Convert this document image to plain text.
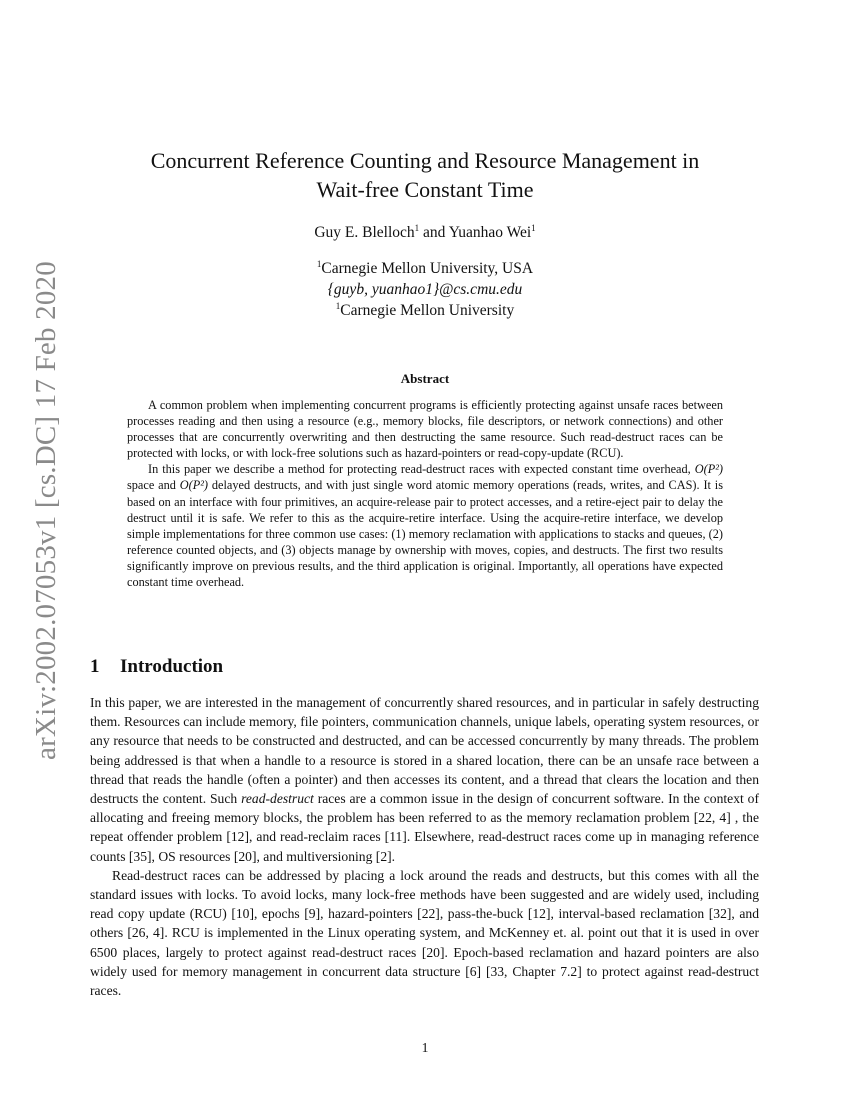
arXiv:2002.07053v1 [cs.DC] 17 Feb 2020
Concurrent Reference Counting and Resource Management in
Wait-free Constant Time
Guy E. Blelloch$^1$ and Yuanhao Wei$^1$
$^1$Carnegie Mellon University, USA
{guyb, yuanhao1}@cs.cmu.edu
$^1$Carnegie Mellon University
Abstract

A common problem when implementing concurrent programs is efficiently protecting against unsafe races between processes reading and then using a resource (e.g., memory blocks, file descriptors, or network connections) and other processes that are concurrently overwriting and then destructing the same resource. Such read-destruct races can be protected with locks, or with lock-free solutions such as hazard-pointers or read-copy-update (RCU).

In this paper we describe a method for protecting read-destruct races with expected constant time overhead, O(P²) space and O(P²) delayed destructs, and with just single word atomic memory operations (reads, writes, and CAS). It is based on an interface with four primitives, an acquire-release pair to protect accesses, and a retire-eject pair to delay the destruct until it is safe. We refer to this as the acquire-retire interface. Using the acquire-retire interface, we develop simple implementations for three common use cases: (1) memory reclamation with applications to stacks and queues, (2) reference counted objects, and (3) objects manage by ownership with moves, copies, and destructs. The first two results significantly improve on previous results, and the third application is original. Importantly, all operations have expected constant time overhead.

1 Introduction

In this paper, we are interested in the management of concurrently shared resources, and in particular in safely destructing them. Resources can include memory, file pointers, communication channels, unique labels, operating system resources, or any resource that needs to be constructed and destructed, and can be accessed concurrently by many threads. The problem being addressed is that when a handle to a resource is stored in a shared location, there can be an unsafe race between a thread that reads the handle (often a pointer) and then accesses its content, and a thread that clears the location and then destructs the content. Such read-destruct races are a common issue in the design of concurrent software. In the context of allocating and freeing memory blocks, the problem has been referred to as the memory reclamation problem [22, 4] , the repeat offender problem [12], and read-reclaim races [11]. Elsewhere, read-destruct races come up in managing reference counts [35], OS resources [20], and multiversioning [2].

Read-destruct races can be addressed by placing a lock around the reads and destructs, but this comes with all the standard issues with locks. To avoid locks, many lock-free methods have been suggested and are widely used, including read copy update (RCU) [10], epochs [9], hazard-pointers [22], pass-the-buck [12], interval-based reclamation [32], and others [26, 4]. RCU is implemented in the Linux operating system, and McKenney et. al. point out that it is used in over 6500 places, largely to protect against read-destruct races [20]. Epoch-based reclamation and hazard pointers are also widely used for memory management in concurrent data structure [6] [33, Chapter 7.2] to protect against read-destruct races.

1
